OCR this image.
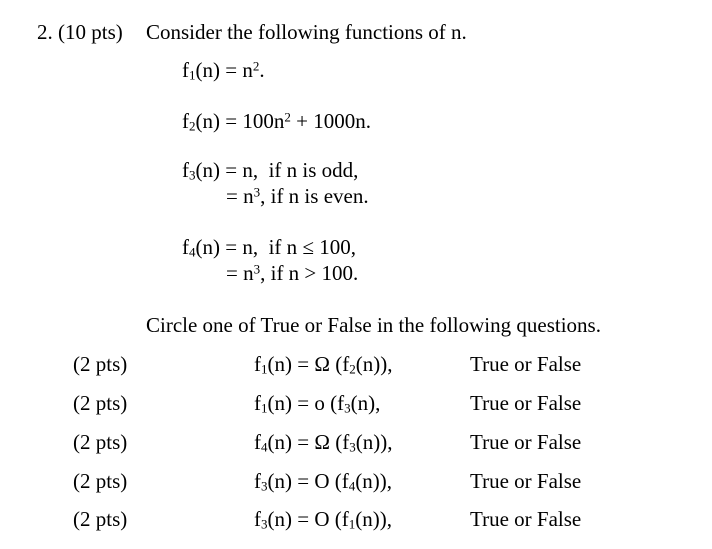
2. (10 pts) Consider the following functions of n.
$f_1(n) = n^2$.
$f_2(n) = 100n^2 + 1000n$.
$f_3(n) = n$,  if n is odd,
= $n^3$, if n is even.
$f_4(n) = n$,  if n ≤ 100,
= $n^3$, if n > 100.
Circle one of True or False in the following questions.
(2 pts)	$f_1(n) = \Omega$ $(f_2(n))$,	True or False
(2 pts)	$f_1(n) = o$ ($f_3(n)$,	True or False
(2 pts)	$f_4(n) = \Omega$ $(f_3(n))$,	True or False
(2 pts)	$f_3(n) = O$ $(f_4(n))$,	True or False
(2 pts)	$f_3(n) = O$ $(f_1(n))$,	True or False
